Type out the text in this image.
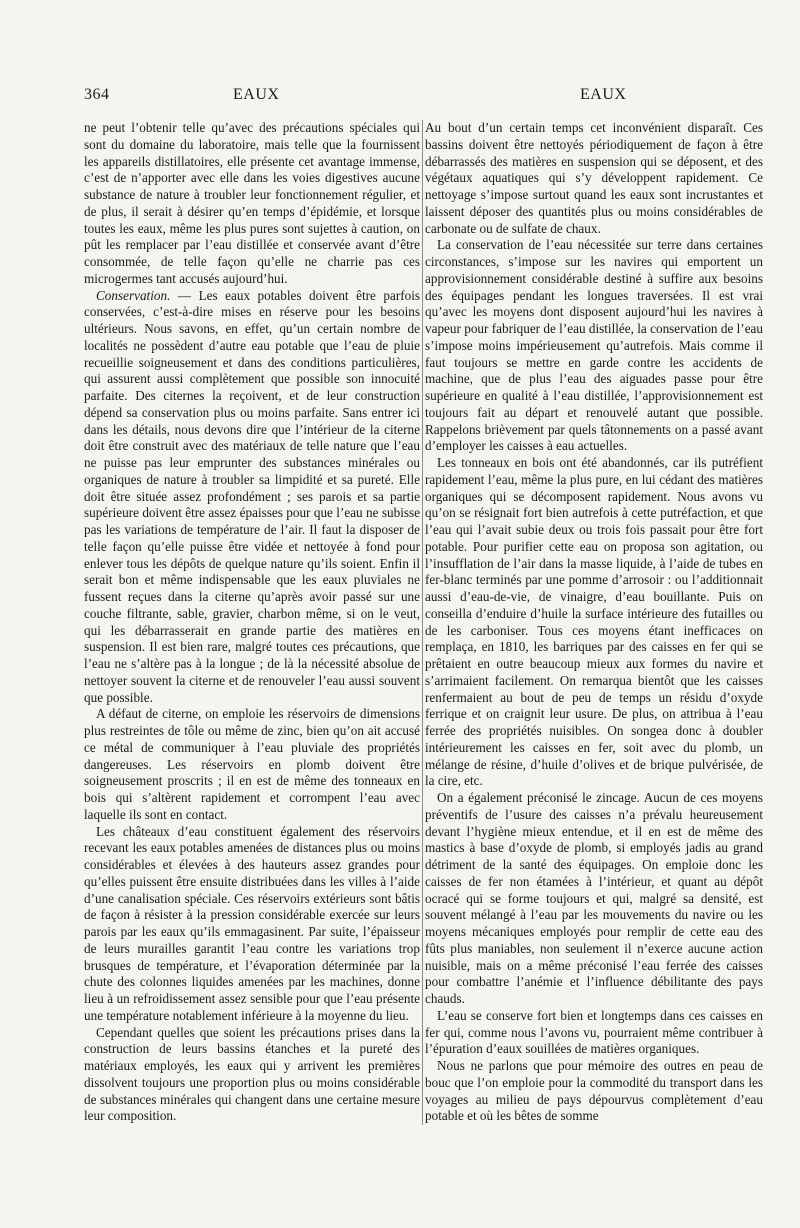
364	EAUX	EAUX

ne peut l’obtenir telle qu’avec des précautions spéciales qui sont du domaine du laboratoire, mais telle que la fournissent les appareils distillatoires, elle présente cet avantage immense, c’est de n’apporter avec elle dans les voies digestives aucune substance de nature à troubler leur fonctionnement régulier, et de plus, il serait à désirer qu’en temps d’épidémie, et lorsque toutes les eaux, même les plus pures sont sujettes à caution, on pût les remplacer par l’eau distillée et conservée avant d’être consommée, de telle façon qu’elle ne charrie pas ces microgermes tant accusés aujourd’hui.

Conservation. — Les eaux potables doivent être parfois conservées, c’est-à-dire mises en réserve pour les besoins ultérieurs. Nous savons, en effet, qu’un certain nombre de localités ne possèdent d’autre eau potable que l’eau de pluie recueillie soigneusement et dans des conditions particulières, qui assurent aussi complètement que possible son innocuité parfaite. Des citernes la reçoivent, et de leur construction dépend sa conservation plus ou moins parfaite. Sans entrer ici dans les détails, nous devons dire que l’intérieur de la citerne doit être construit avec des matériaux de telle nature que l’eau ne puisse pas leur emprunter des substances minérales ou organiques de nature à troubler sa limpidité et sa pureté. Elle doit être située assez profondément ; ses parois et sa partie supérieure doivent être assez épaisses pour que l’eau ne subisse pas les variations de température de l’air. Il faut la disposer de telle façon qu’elle puisse être vidée et nettoyée à fond pour enlever tous les dépôts de quelque nature qu’ils soient. Enfin il serait bon et même indispensable que les eaux pluviales ne fussent reçues dans la citerne qu’après avoir passé sur une couche filtrante, sable, gravier, charbon même, si on le veut, qui les débarrasserait en grande partie des matières en suspension. Il est bien rare, malgré toutes ces précautions, que l’eau ne s’altère pas à la longue ; de là la nécessité absolue de nettoyer souvent la citerne et de renouveler l’eau aussi souvent que possible.

A défaut de citerne, on emploie les réservoirs de dimensions plus restreintes de tôle ou même de zinc, bien qu’on ait accusé ce métal de communiquer à l’eau pluviale des propriétés dangereuses. Les réservoirs en plomb doivent être soigneusement proscrits ; il en est de même des tonneaux en bois qui s’altèrent rapidement et corrompent l’eau avec laquelle ils sont en contact.

Les châteaux d’eau constituent également des réservoirs recevant les eaux potables amenées de distances plus ou moins considérables et élevées à des hauteurs assez grandes pour qu’elles puissent être ensuite distribuées dans les villes à l’aide d’une canalisation spéciale. Ces réservoirs extérieurs sont bâtis de façon à résister à la pression considérable exercée sur leurs parois par les eaux qu’ils emmagasinent. Par suite, l’épaisseur de leurs murailles garantit l’eau contre les variations trop brusques de température, et l’évaporation déterminée par la chute des colonnes liquides amenées par les machines, donne lieu à un refroidissement assez sensible pour que l’eau présente une température notablement inférieure à la moyenne du lieu.

Cependant quelles que soient les précautions prises dans la construction de leurs bassins étanches et la pureté des matériaux employés, les eaux qui y arrivent les premières dissolvent toujours une proportion plus ou moins considérable de substances minérales qui changent dans une certaine mesure leur composition.

Au bout d’un certain temps cet inconvénient disparaît. Ces bassins doivent être nettoyés périodiquement de façon à être débarrassés des matières en suspension qui se déposent, et des végétaux aquatiques qui s’y développent rapidement. Ce nettoyage s’impose surtout quand les eaux sont incrustantes et laissent déposer des quantités plus ou moins considérables de carbonate ou de sulfate de chaux.

La conservation de l’eau nécessitée sur terre dans certaines circonstances, s’impose sur les navires qui emportent un approvisionnement considérable destiné à suffire aux besoins des équipages pendant les longues traversées. Il est vrai qu’avec les moyens dont disposent aujourd’hui les navires à vapeur pour fabriquer de l’eau distillée, la conservation de l’eau s’impose moins impérieusement qu’autrefois. Mais comme il faut toujours se mettre en garde contre les accidents de machine, que de plus l’eau des aiguades passe pour être supérieure en qualité à l’eau distillée, l’approvisionnement est toujours fait au départ et renouvelé autant que possible. Rappelons brièvement par quels tâtonnements on a passé avant d’employer les caisses à eau actuelles.

Les tonneaux en bois ont été abandonnés, car ils putréfient rapidement l’eau, même la plus pure, en lui cédant des matières organiques qui se décomposent rapidement. Nous avons vu qu’on se résignait fort bien autrefois à cette putréfaction, et que l’eau qui l’avait subie deux ou trois fois passait pour être fort potable. Pour purifier cette eau on proposa son agitation, ou l’insufflation de l’air dans la masse liquide, à l’aide de tubes en fer-blanc terminés par une pomme d’arrosoir : ou l’additionnait aussi d’eau-de-vie, de vinaigre, d’eau bouillante. Puis on conseilla d’enduire d’huile la surface intérieure des futailles ou de les carboniser. Tous ces moyens étant inefficaces on remplaça, en 1810, les barriques par des caisses en fer qui se prêtaient en outre beaucoup mieux aux formes du navire et s’arrimaient facilement. On remarqua bientôt que les caisses renfermaient au bout de peu de temps un résidu d’oxyde ferrique et on craignit leur usure. De plus, on attribua à l’eau ferrée des propriétés nuisibles. On songea donc à doubler intérieurement les caisses en fer, soit avec du plomb, un mélange de résine, d’huile d’olives et de brique pulvérisée, de la cire, etc.

On a également préconisé le zincage. Aucun de ces moyens préventifs de l’usure des caisses n’a prévalu heureusement devant l’hygiène mieux entendue, et il en est de même des mastics à base d’oxyde de plomb, si employés jadis au grand détriment de la santé des équipages. On emploie donc les caisses de fer non étamées à l’intérieur, et quant au dépôt ocracé qui se forme toujours et qui, malgré sa densité, est souvent mélangé à l’eau par les mouvements du navire ou les moyens mécaniques employés pour remplir de cette eau des fûts plus maniables, non seulement il n’exerce aucune action nuisible, mais on a même préconisé l’eau ferrée des caisses pour combattre l’anémie et l’influence débilitante des pays chauds.

L’eau se conserve fort bien et longtemps dans ces caisses en fer qui, comme nous l’avons vu, pourraient même contribuer à l’épuration d’eaux souillées de matières organiques.

Nous ne parlons que pour mémoire des outres en peau de bouc que l’on emploie pour la commodité du transport dans les voyages au milieu de pays dépourvus complètement d’eau potable et où les bêtes de somme
